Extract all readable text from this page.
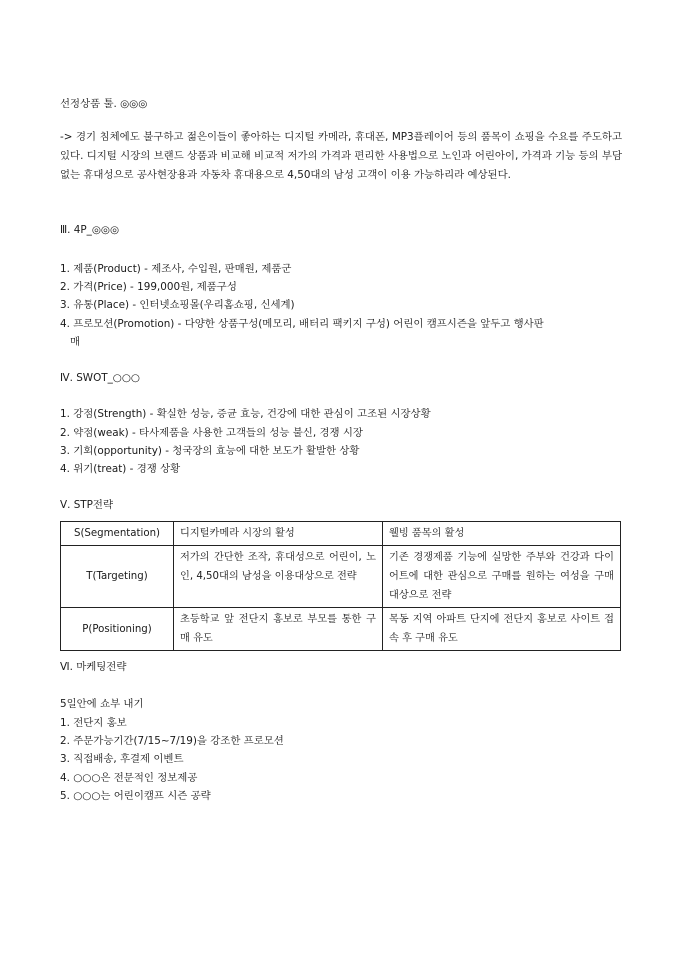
선정상품 툴. ◎◎◎
-> 경기 침체에도 불구하고 젊은이들이 좋아하는 디지털 카메라, 휴대폰, MP3플레이어 등의 품목이 쇼핑을 수요를 주도하고 있다. 디지털 시장의 브랜드 상품과 비교해 비교적 저가의 가격과 편리한 사용법으로 노인과 어린아이, 가격과 기능 등의 부담 없는 휴대성으로 공사현장용과 자동차 휴대용으로 4,50대의 남성 고객이 이용 가능하리라 예상된다.
Ⅲ. 4P_◎◎◎
1. 제품(Product) - 제조사, 수입원, 판매원, 제품군
2. 가격(Price) - 199,000원, 제품구성
3. 유통(Place) - 인터넷쇼핑몰(우리홈쇼핑, 신세계)
4. 프로모션(Promotion) - 다양한 상품구성(메모리, 배터리 팩키지 구성) 어린이 캠프시즌을 앞두고 행사판
매
Ⅳ. SWOT_○○○
1. 강점(Strength) - 확실한 성능, 증균 효능, 건강에 대한 관심이 고조된 시장상황
2. 약점(weak) - 타사제품을 사용한 고객들의 성능 불신, 경쟁 시장
3. 기회(opportunity) - 청국장의 효능에 대한 보도가 활발한 상황
4. 위기(treat) - 경쟁 상황
Ⅴ. STP전략
S(Segmentation)	디지털카메라 시장의 활성	웰빙 품목의 활성
T(Targeting)	저가의 간단한 조작, 휴대성으로 어린이, 노인, 4,50대의 남성을 이용대상으로 전략	기존 경쟁제품 기능에 실망한 주부와 건강과 다이어트에 대한 관심으로 구매를 원하는 여성을 구매대상으로 전략
P(Positioning)	초등학교 앞 전단지 홍보로 부모를 통한 구매 유도	목동 지역 아파트 단지에 전단지 홍보로 사이트 접속 후 구매 유도
Ⅵ. 마케팅전략
5일안에 쇼부 내기
1. 전단지 홍보
2. 주문가능기간(7/15~7/19)을 강조한 프로모션
3. 직접배송, 후결제 이벤트
4. ○○○은 전문적인 정보제공
5. ○○○는 어린이캠프 시즌 공략
